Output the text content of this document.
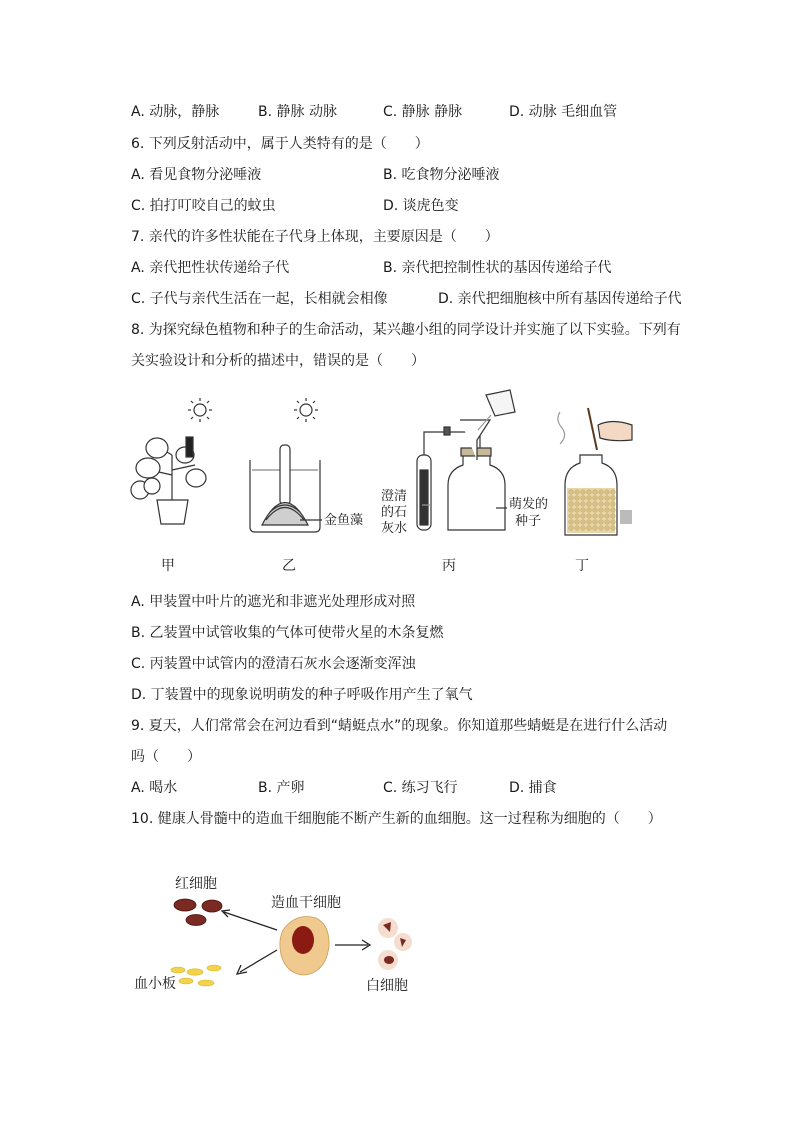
A. 动脉，静脉	B. 静脉 动脉	C. 静脉 静脉	D. 动脉 毛细血管
6. 下列反射活动中，属于人类特有的是（　　）
A. 看见食物分泌唾液	B. 吃食物分泌唾液
C. 拍打叮咬自己的蚊虫	D. 谈虎色变
7. 亲代的许多性状能在子代身上体现，主要原因是（　　）
A. 亲代把性状传递给子代	B. 亲代把控制性状的基因传递给子代
C. 子代与亲代生活在一起，长相就会相像	D. 亲代把细胞核中所有基因传递给子代
8. 为探究绿色植物和种子的生命活动，某兴趣小组的同学设计并实施了以下实验。下列有
关实验设计和分析的描述中，错误的是（　　）
金鱼藻
澄清
的石
灰水
萌发的
种子
甲	乙	丙	丁
A. 甲装置中叶片的遮光和非遮光处理形成对照
B. 乙装置中试管收集的气体可使带火星的木条复燃
C. 丙装置中试管内的澄清石灰水会逐渐变浑浊
D. 丁装置中的现象说明萌发的种子呼吸作用产生了氧气
9. 夏天，人们常常会在河边看到“蜻蜓点水”的现象。你知道那些蜻蜓是在进行什么活动
吗（　　）
A. 喝水	B. 产卵	C. 练习飞行	D. 捕食
10. 健康人骨髓中的造血干细胞能不断产生新的血细胞。这一过程称为细胞的（　　）
红细胞
造血干细胞
血小板	白细胞
